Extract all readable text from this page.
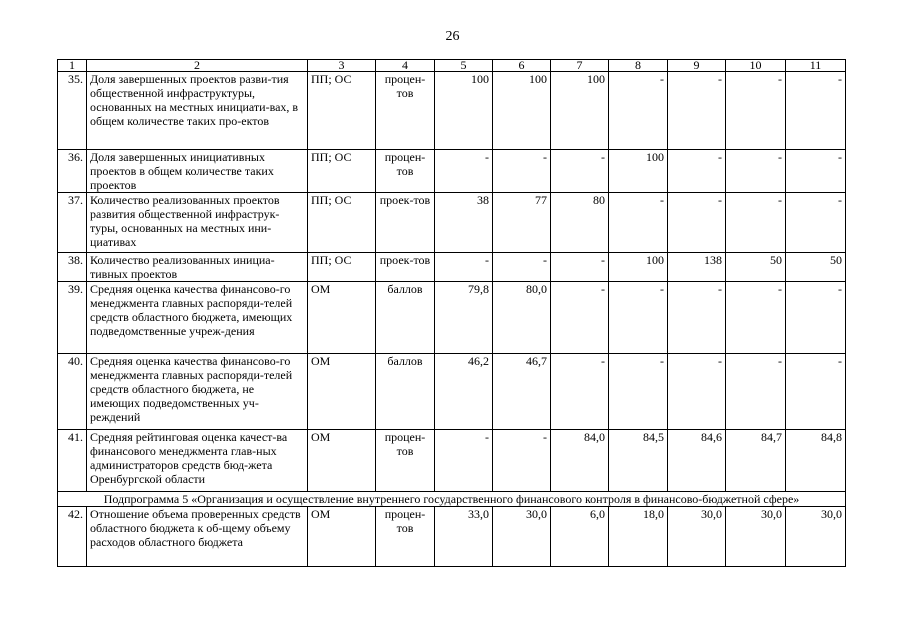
26
1	2	3	4	5	6	7	8	9	10	11
35.	Доля завершенных проектов разви-тия общественной инфраструктуры, основанных на местных инициати-вах, в общем количестве таких про-ектов	ПП; ОС	процен-тов	100	100	100	-	-	-	-
36.	Доля завершенных инициативных проектов в общем количестве таких проектов	ПП; ОС	процен-тов	-	-	-	100	-	-	-
37.	Количество реализованных проектов развития общественной инфраструк-туры, основанных на местных ини-циативах	ПП; ОС	проек-тов	38	77	80	-	-	-	-
38.	Количество реализованных инициа-тивных проектов	ПП; ОС	проек-тов	-	-	-	100	138	50	50
39.	Средняя оценка качества финансово-го менеджмента главных распоряди-телей средств областного бюджета, имеющих подведомственные учреж-дения	ОМ	баллов	79,8	80,0	-	-	-	-	-
40.	Средняя оценка качества финансово-го менеджмента главных распоряди-телей средств областного бюджета, не имеющих подведомственных уч-реждений	ОМ	баллов	46,2	46,7	-	-	-	-	-
41.	Средняя рейтинговая оценка качест-ва финансового менеджмента глав-ных администраторов средств бюд-жета Оренбургской области	ОМ	процен-тов	-	-	84,0	84,5	84,6	84,7	84,8
Подпрограмма 5 «Организация и осуществление внутреннего государственного финансового контроля в финансово-бюджетной сфере»										
42.	Отношение объема проверенных средств областного бюджета к об-щему объему расходов областного бюджета	ОМ	процен-тов	33,0	30,0	6,0	18,0	30,0	30,0	30,0
